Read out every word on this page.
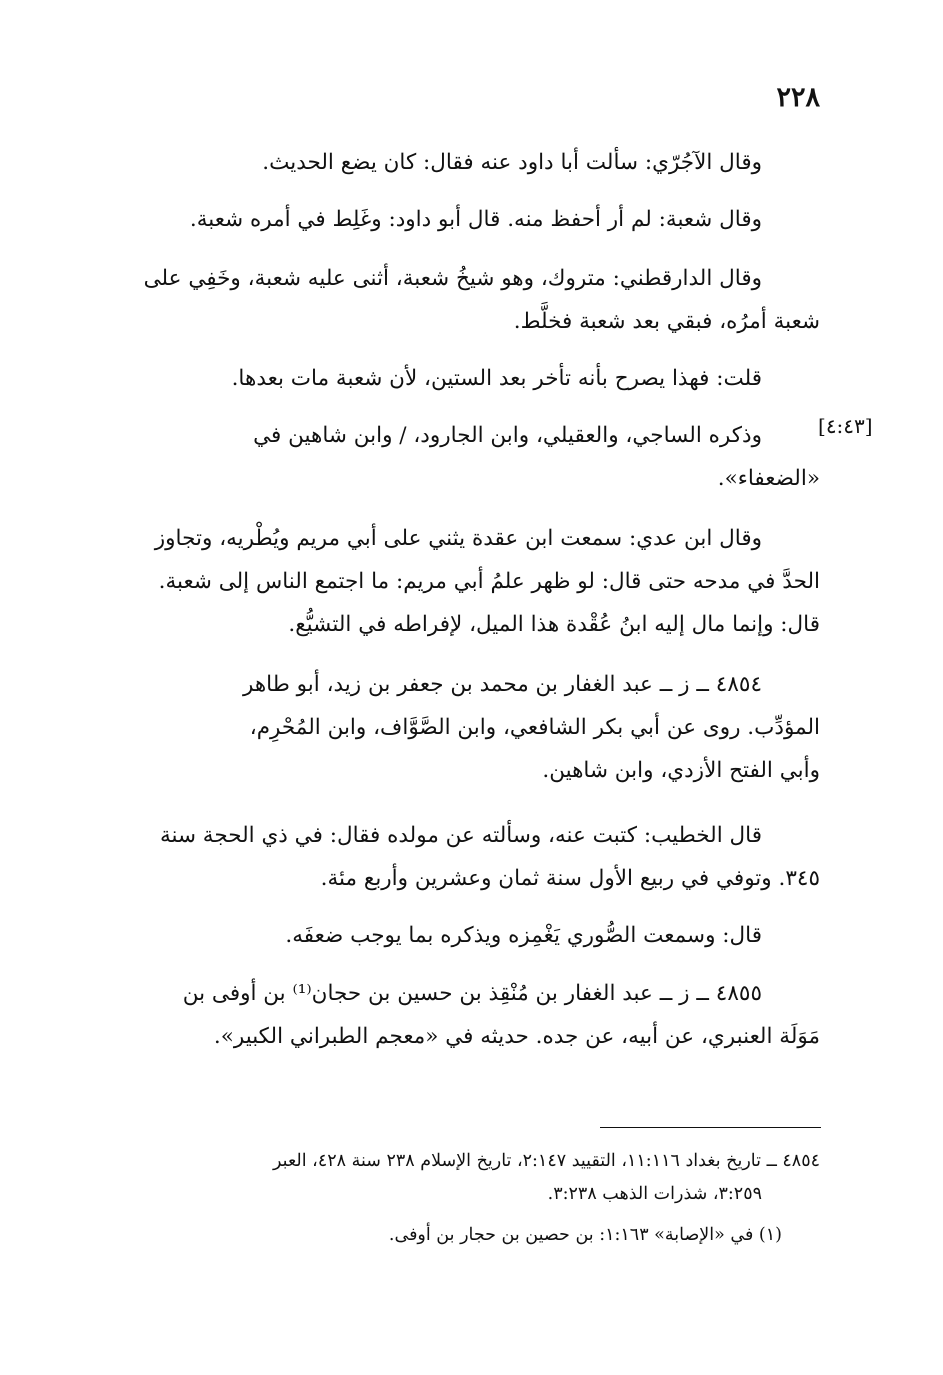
٢٢٨
[٤:٤٣]
وقال الآجُرّي: سألت أبا داود عنه فقال: كان يضع الحديث.
وقال شعبة: لم أر أحفظ منه. قال أبو داود: وغَلِط في أمره شعبة.
وقال الدارقطني: متروك، وهو شيخُ شعبة، أثنى عليه شعبة، وخَفِي على
شعبة أمرُه، فبقي بعد شعبة فخلَّط.
قلت: فهذا يصرح بأنه تأخر بعد الستين، لأن شعبة مات بعدها.
وذكره الساجي، والعقيلي، وابن الجارود، / وابن شاهين في
«الضعفاء».
وقال ابن عدي: سمعت ابن عقدة يثني على أبي مريم ويُطْريه، وتجاوز
الحدَّ في مدحه حتى قال: لو ظهر علمُ أبي مريم: ما اجتمع الناس إلى شعبة.
قال: وإنما مال إليه ابنُ عُقْدة هذا الميل، لإفراطه في التشيُّع.
٤٨٥٤ ــ ز ــ عبد الغفار بن محمد بن جعفر بن زيد، أبو طاهر
المؤدِّب. روى عن أبي بكر الشافعي، وابن الصَّوَّاف، وابن المُحْرِم،
وأبي الفتح الأزدي، وابن شاهين.
قال الخطيب: كتبت عنه، وسألته عن مولده فقال: في ذي الحجة سنة
٣٤٥. وتوفي في ربيع الأول سنة ثمان وعشرين وأربع مئة.
قال: وسمعت الصُّوري يَغْمِزه ويذكره بما يوجب ضعفَه.
٤٨٥٥ ــ ز ــ عبد الغفار بن مُنْقِذ بن حسين بن حجان⁽¹⁾ بن أوفى بن
مَوَلَة العنبري، عن أبيه، عن جده. حديثه في «معجم الطبراني الكبير».
٤٨٥٤ ــ تاريخ بغداد ١١:١١٦، التقييد ٢:١٤٧، تاريخ الإسلام ٢٣٨ سنة ٤٢٨، العبر
٣:٢٥٩، شذرات الذهب ٣:٢٣٨.
(١) في «الإصابة» ١:١٦٣: بن حصين بن حجار بن أوفى.
